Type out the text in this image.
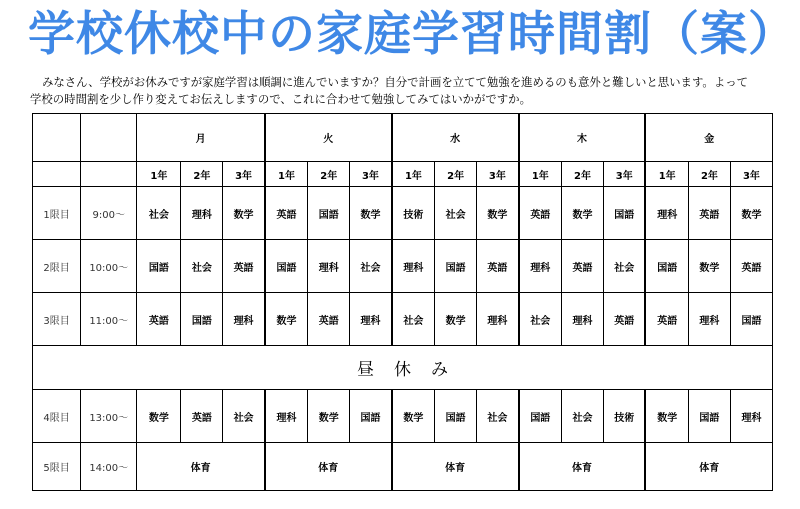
学校休校中の家庭学習時間割（案）
みなさん、学校がお休みですが家庭学習は順調に進んでいますか？自分で計画を立てて勉強を進めるのも意外と難しいと思います。よって
学校の時間割を少し作り変えてお伝えしますので、これに合わせて勉強してみてはいかがですか。
		月			火			水			木			金		
		1年	2年	3年	1年	2年	3年	1年	2年	3年	1年	2年	3年	1年	2年	3年
1限目	9:00～	社会	理科	数学	英語	国語	数学	技術	社会	数学	英語	数学	国語	理科	英語	数学
2限目	10:00～	国語	社会	英語	国語	理科	社会	理科	国語	英語	理科	英語	社会	国語	数学	英語
3限目	11:00～	英語	国語	理科	数学	英語	理科	社会	数学	理科	社会	理科	英語	英語	理科	国語
昼休み																
4限目	13:00～	数学	英語	社会	理科	数学	国語	数学	国語	社会	国語	社会	技術	数学	国語	理科
5限目	14:00～	体育			体育			体育			体育			体育		
